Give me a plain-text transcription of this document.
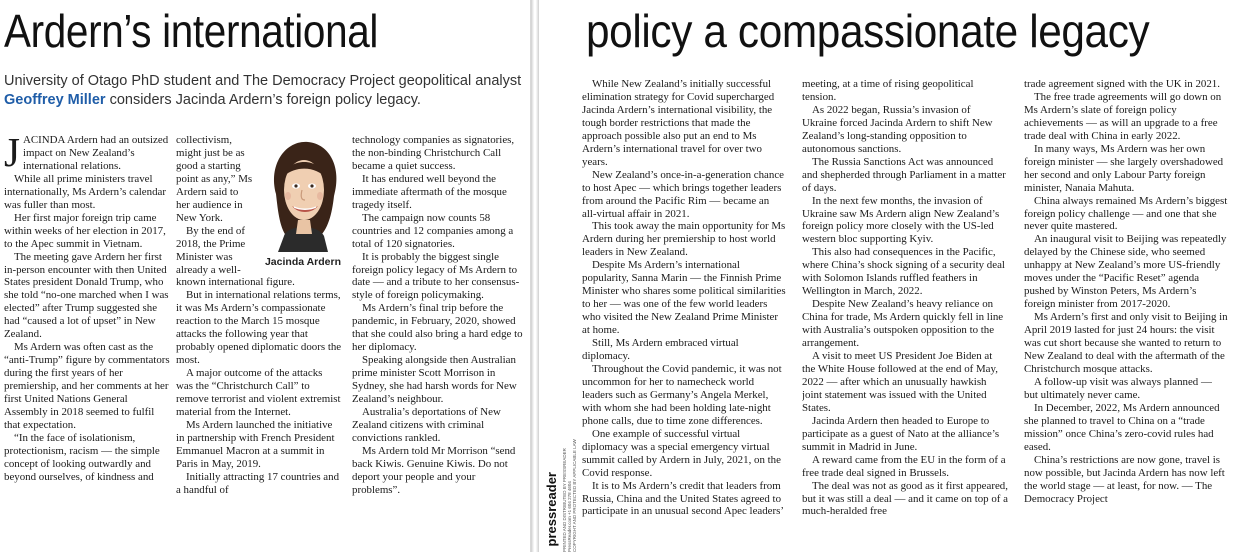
Ardern’s international
University of Otago PhD student and The Democracy Project geopolitical analyst Geoffrey Miller considers Jacinda Ardern’s foreign policy legacy.

JACINDA Ardern had an outsized impact on New Zealand’s international relations.

While all prime ministers travel internationally, Ms Ardern’s calendar was fuller than most.

Her first major foreign trip came within weeks of her election in 2017, to the Apec summit in Vietnam.

The meeting gave Ardern her first in-person encounter with then United States president Donald Trump, who she told “no-one marched when I was elected” after Trump suggested she had “caused a lot of upset” in New Zealand.

Ms Ardern was often cast as the “anti-Trump” figure by commentators during the first years of her premiership, and her comments at her first United Nations General Assembly in 2018 seemed to fulfil that expectation.

“In the face of isolationism, protectionism, racism — the simple concept of looking outwardly and beyond ourselves, of kindness and

collectivism, might just be as good a starting point as any,” Ms Ardern said to her audience in New York.

By the end of 2018, the Prime Minister was already a well-known international figure.

But in international relations terms, it was Ms Ardern’s compassionate reaction to the March 15 mosque attacks the following year that probably opened diplomatic doors the most.

A major outcome of the attacks was the “Christchurch Call” to remove terrorist and violent extremist material from the Internet.

Ms Ardern launched the initiative in partnership with French President Emmanuel Macron at a summit in Paris in May, 2019.

Initially attracting 17 countries and a handful of

Jacinda Ardern

technology companies as signatories, the non-binding Christchurch Call became a quiet success.

It has endured well beyond the immediate aftermath of the mosque tragedy itself.

The campaign now counts 58 countries and 12 companies among a total of 120 signatories.

It is probably the biggest single foreign policy legacy of Ms Ardern to date — and a tribute to her consensus-style of foreign policymaking.

Ms Ardern’s final trip before the pandemic, in February, 2020, showed that she could also bring a hard edge to her diplomacy.

Speaking alongside then Australian prime minister Scott Morrison in Sydney, she had harsh words for New Zealand’s neighbour.

Australia’s deportations of New Zealand citizens with criminal convictions rankled.

Ms Ardern told Mr Morrison “send back Kiwis. Genuine Kiwis. Do not deport your people and your problems”.

policy a compassionate legacy
PRINTED AND DISTRIBUTED BY PRESSREADER
PressReader.com +1 604 278 4604
COPYRIGHT AND PROTECTED BY APPLICABLE LAW
pressreader

While New Zealand’s initially successful elimination strategy for Covid supercharged Jacinda Ardern’s international visibility, the tough border restrictions that made the approach possible also put an end to Ms Ardern’s international travel for over two years.

New Zealand’s once-in-a-generation chance to host Apec — which brings together leaders from around the Pacific Rim — became an all-virtual affair in 2021.

This took away the main opportunity for Ms Ardern during her premiership to host world leaders in New Zealand.

Despite Ms Ardern’s international popularity, Sanna Marin — the Finnish Prime Minister who shares some political similarities to her — was one of the few world leaders who visited the New Zealand Prime Minister at home.

Still, Ms Ardern embraced virtual diplomacy.

Throughout the Covid pandemic, it was not uncommon for her to namecheck world leaders such as Germany’s Angela Merkel, with whom she had been holding late-night phone calls, due to time zone differences.

One example of successful virtual diplomacy was a special emergency virtual summit called by Ardern in July, 2021, on the Covid response.

It is to Ms Ardern’s credit that leaders from Russia, China and the United States agreed to participate in an unusual second Apec leaders’

meeting, at a time of rising geopolitical tension.

As 2022 began, Russia’s invasion of Ukraine forced Jacinda Ardern to shift New Zealand’s long-standing opposition to autonomous sanctions.

The Russia Sanctions Act was announced and shepherded through Parliament in a matter of days.

In the next few months, the invasion of Ukraine saw Ms Ardern align New Zealand’s foreign policy more closely with the US-led western bloc supporting Kyiv.

This also had consequences in the Pacific, where China’s shock signing of a security deal with Solomon Islands ruffled feathers in Wellington in March, 2022.

Despite New Zealand’s heavy reliance on China for trade, Ms Ardern quickly fell in line with Australia’s outspoken opposition to the arrangement.

A visit to meet US President Joe Biden at the White House followed at the end of May, 2022 — after which an unusually hawkish joint statement was issued with the United States.

Jacinda Ardern then headed to Europe to participate as a guest of Nato at the alliance’s summit in Madrid in June.

A reward came from the EU in the form of a free trade deal signed in Brussels.

The deal was not as good as it first appeared, but it was still a deal — and it came on top of a much-heralded free

trade agreement signed with the UK in 2021.

The free trade agreements will go down on Ms Ardern’s slate of foreign policy achievements — as will an upgrade to a free trade deal with China in early 2022.

In many ways, Ms Ardern was her own foreign minister — she largely overshadowed her second and only Labour Party foreign minister, Nanaia Mahuta.

China always remained Ms Ardern’s biggest foreign policy challenge — and one that she never quite mastered.

An inaugural visit to Beijing was repeatedly delayed by the Chinese side, who seemed unhappy at New Zealand’s more US-friendly moves under the “Pacific Reset” agenda pushed by Winston Peters, Ms Ardern’s foreign minister from 2017-2020.

Ms Ardern’s first and only visit to Beijing in April 2019 lasted for just 24 hours: the visit was cut short because she wanted to return to New Zealand to deal with the aftermath of the Christchurch mosque attacks.

A follow-up visit was always planned — but ultimately never came.

In December, 2022, Ms Ardern announced she planned to travel to China on a “trade mission” once China’s zero-covid rules had eased.

China’s restrictions are now gone, travel is now possible, but Jacinda Ardern has now left the world stage — at least, for now. — The Democracy Project
